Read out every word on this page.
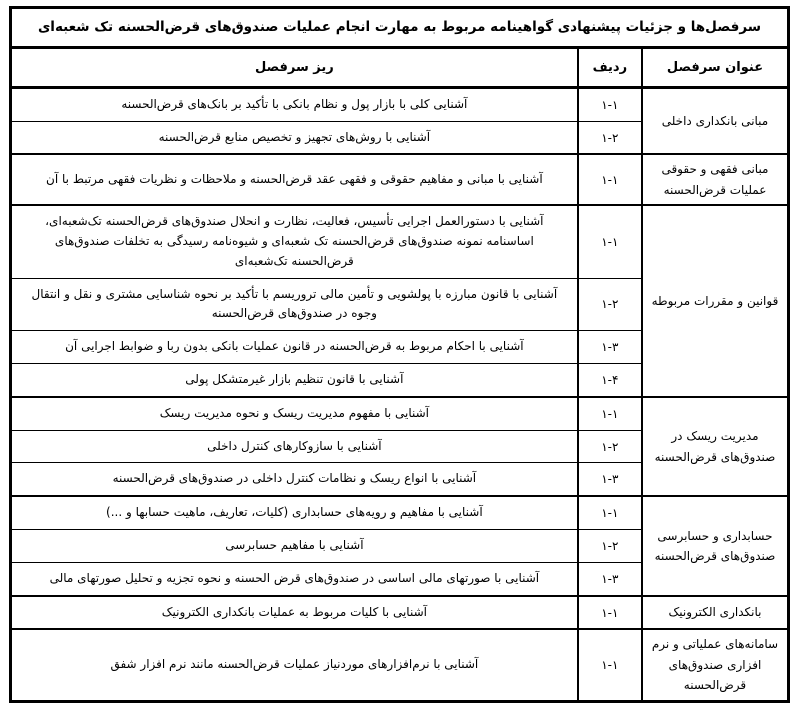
سرفصل‌ها و جزئیات پیشنهادی گواهینامه مربوط به مهارت انجام عملیات صندوق‌های قرض‌الحسنه تک شعبه‌ای		
عنوان سرفصل	ردیف	ریز سرفصل
مبانی بانکداری داخلی	۱-۱	آشنایی کلی با بازار پول و نظام بانکی با تأکید بر بانک‌های قرض‌الحسنه
	۱-۲	آشنایی با روش‌های تجهیز و تخصیص منابع قرض‌الحسنه
مبانی فقهی و حقوقی عملیات قرض‌الحسنه	۱-۱	آشنایی با مبانی و مفاهیم حقوقی و فقهی عقد قرض‌الحسنه و ملاحظات و نظریات فقهی مرتبط با آن
قوانین و مقررات مربوطه	۱-۱	آشنایی با دستورالعمل اجرایی تأسیس، فعالیت، نظارت و انحلال صندوق‌های قرض‌الحسنه تک‌شعبه‌ای، اساسنامه نمونه صندوق‌های قرض‌الحسنه تک شعبه‌ای و شیوه‌نامه رسیدگی به تخلفات صندوق‌های قرض‌الحسنه تک‌شعبه‌ای
	۱-۲	آشنایی با قانون مبارزه با پولشویی و تأمین مالی تروریسم با تأکید بر نحوه شناسایی مشتری و نقل و انتقال وجوه در صندوق‌های قرض‌الحسنه
	۱-۳	آشنایی با احکام مربوط به قرض‌الحسنه در قانون عملیات بانکی بدون ربا و ضوابط اجرایی آن
	۱-۴	آشنایی با قانون تنظیم بازار غیرمتشکل پولی
مدیریت ریسک در صندوق‌های قرض‌الحسنه	۱-۱	آشنایی با مفهوم مدیریت ریسک و نحوه مدیریت ریسک
	۱-۲	آشنایی با سازوکارهای کنترل داخلی
	۱-۳	آشنایی با انواع ریسک و نظامات کنترل داخلی در صندوق‌های قرض‌الحسنه
حسابداری و حسابرسی صندوق‌های قرض‌الحسنه	۱-۱	آشنایی با مفاهیم و رویه‌های حسابداری (کلیات، تعاریف، ماهیت حسابها و ...)
	۱-۲	آشنایی با مفاهیم حسابرسی
	۱-۳	آشنایی با صورتهای مالی اساسی در صندوق‌های قرض الحسنه و نحوه تجزیه و تحلیل صورتهای مالی
بانکداری الکترونیک	۱-۱	آشنایی با کلیات مربوط به عملیات بانکداری الکترونیک
سامانه‌های عملیاتی و نرم افزاری صندوق‌های قرض‌الحسنه	۱-۱	آشنایی با نرم‌افزارهای موردنیاز عملیات قرض‌الحسنه مانند نرم افزار شفق
